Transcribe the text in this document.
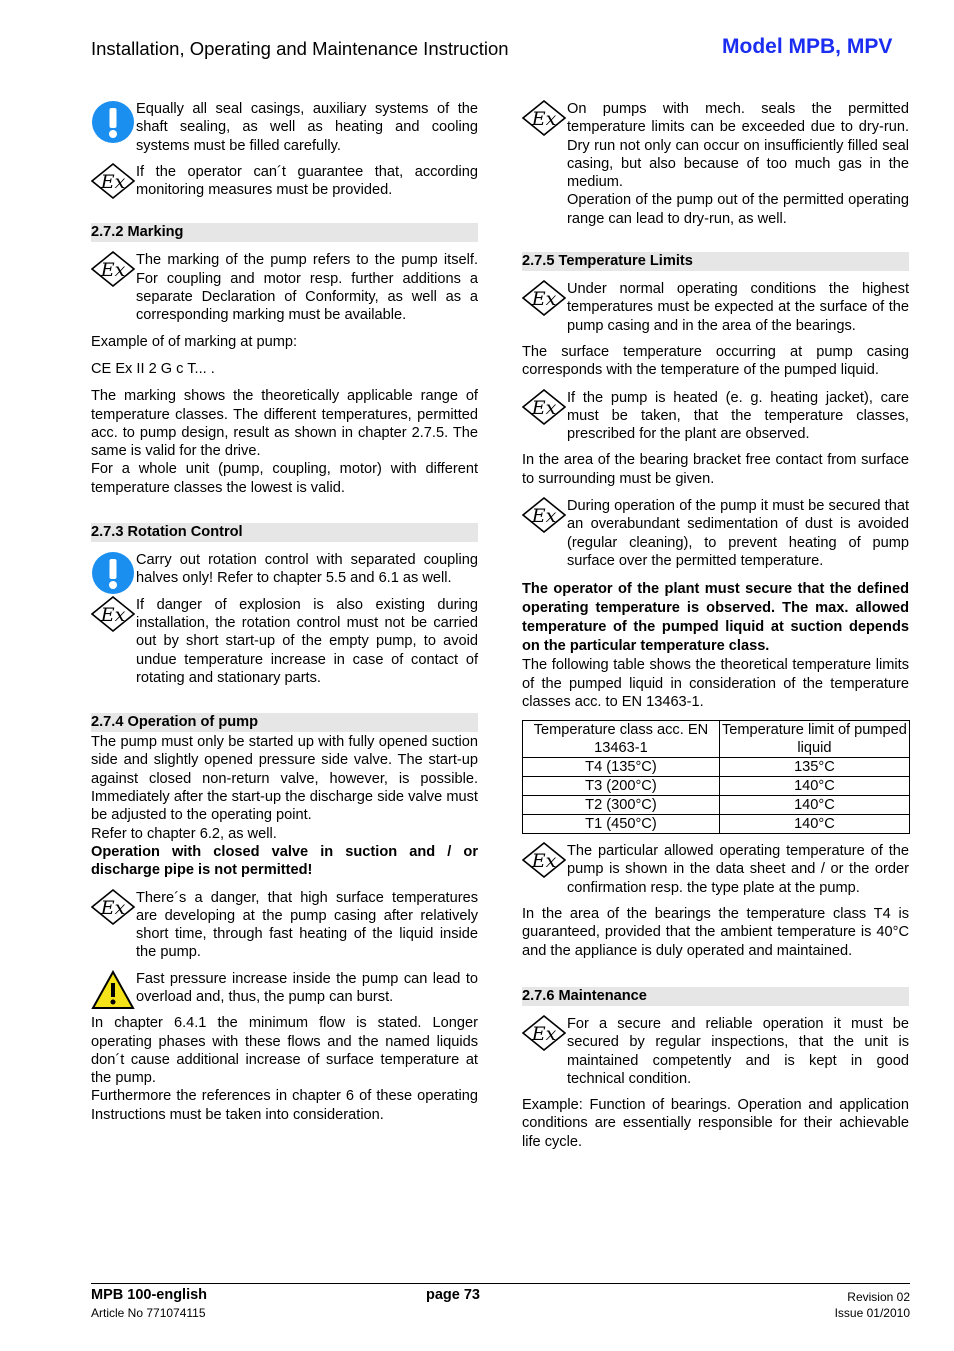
Installation, Operating and Maintenance Instruction	Model MPB, MPV
Equally all seal casings, auxiliary systems of the shaft sealing, as well as heating and cooling systems must be filled carefully.
Ex If the operator can´t guarantee that, according monitoring measures must be provided.
2.7.2 Marking
Ex The marking of the pump refers to the pump itself. For coupling and motor resp. further additions a separate Declaration of Conformity, as well as a corresponding marking must be available.

Example of of marking at pump:

CE Ex II 2 G c T... .

The marking shows the theoretically applicable range of temperature classes. The different temperatures, permitted acc. to pump design, result as shown in chapter 2.7.5. The same is valid for the drive.

For a whole unit (pump, coupling, motor) with different temperature classes the lowest is valid.

2.7.3 Rotation Control
Carry out rotation control with separated coupling halves only! Refer to chapter 5.5 and 6.1 as well.
Ex If danger of explosion is also existing during installation, the rotation control must not be carried out by short start-up of the empty pump, to avoid undue temperature increase in case of contact of rotating and stationary parts.
2.7.4 Operation of pump

The pump must only be started up with fully opened suction side and slightly opened pressure side valve. The start-up against closed non-return valve, however, is possible. Immediately after the start-up the discharge side valve must be adjusted to the operating point.

Refer to chapter 6.2, as well.

Operation with closed valve in suction and / or discharge pipe is not permitted!

Ex There´s a danger, that high surface temperatures are developing at the pump casing after relatively short time, through fast heating of the liquid inside the pump.
Fast pressure increase inside the pump can lead to overload and, thus, the pump can burst.

In chapter 6.4.1 the minimum flow is stated. Longer operating phases with these flows and the named liquids don´t cause additional increase of surface temperature at the pump.

Furthermore the references in chapter 6 of these operating Instructions must be taken into consideration.

Ex On pumps with mech. seals the permitted temperature limits can be exceeded due to dry-run. Dry run not only can occur on insufficiently filled seal casing, but also because of too much gas in the medium.
Operation of the pump out of the permitted operating range can lead to dry-run, as well.
2.7.5 Temperature Limits
Ex Under normal operating conditions the highest temperatures must be expected at the surface of the pump casing and in the area of the bearings.

The surface temperature occurring at pump casing corresponds with the temperature of the pumped liquid.

Ex If the pump is heated (e. g. heating jacket), care must be taken, that the temperature classes, prescribed for the plant are observed.

In the area of the bearing bracket free contact from surface to surrounding must be given.

Ex During operation of the pump it must be secured that an overabundant sedimentation of dust is avoided (regular cleaning), to prevent heating of pump surface over the permitted temperature.

The operator of the plant must secure that the defined operating temperature is observed. The max. allowed temperature of the pumped liquid at suction depends on the particular temperature class.

The following table shows the theoretical temperature limits of the pumped liquid in consideration of the temperature classes acc. to EN 13463-1.

Temperature class acc. EN 13463-1	Temperature limit of pumped liquid
T4 (135°C)	135°C
T3 (200°C)	140°C
T2 (300°C)	140°C
T1 (450°C)	140°C
Ex The particular allowed operating temperature of the pump is shown in the data sheet and / or the order confirmation resp. the type plate at the pump.

In the area of the bearings the temperature class T4 is guaranteed, provided that the ambient temperature is 40°C and the appliance is duly operated and maintained.

2.7.6 Maintenance
Ex For a secure and reliable operation it must be secured by regular inspections, that the unit is maintained competently and is kept in good technical condition.

Example: Function of bearings. Operation and application conditions are essentially responsible for their achievable life cycle.

MPB 100-english
Article No 771074115
page 73	Revision 02
Issue 01/2010
